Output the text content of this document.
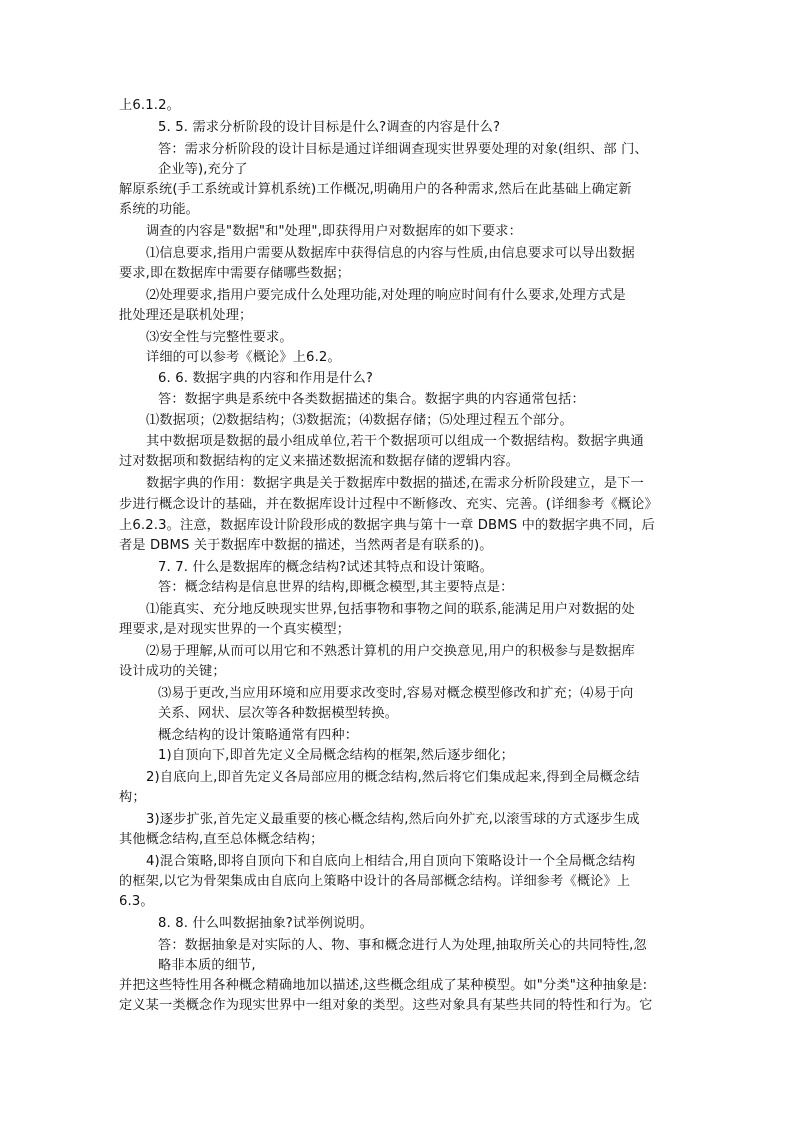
上6.1.2。
5. 5. 需求分析阶段的设计目标是什么?调查的内容是什么?
答：需求分析阶段的设计目标是通过详细调查现实世界要处理的对象(组织、部 门、
企业等),充分了
解原系统(手工系统或计算机系统)工作概况,明确用户的各种需求,然后在此基础上确定新
系统的功能。
调查的内容是"数据"和"处理",即获得用户对数据库的如下要求：
⑴信息要求,指用户需要从数据库中获得信息的内容与性质,由信息要求可以导出数据
要求,即在数据库中需要存储哪些数据；
⑵处理要求,指用户要完成什么处理功能,对处理的响应时间有什么要求,处理方式是
批处理还是联机处理；
⑶安全性与完整性要求。
详细的可以参考《概论》上6.2。
6. 6. 数据字典的内容和作用是什么?
答：数据字典是系统中各类数据描述的集合。数据字典的内容通常包括：
⑴数据项；⑵数据结构；⑶数据流；⑷数据存储；⑸处理过程五个部分。
其中数据项是数据的最小组成单位,若干个数据项可以组成一个数据结构。数据字典通
过对数据项和数据结构的定义来描述数据流和数据存储的逻辑内容。
数据字典的作用：数据字典是关于数据库中数据的描述,在需求分析阶段建立，是下一
步进行概念设计的基础，并在数据库设计过程中不断修改、充实、完善。(详细参考《概论》
上6.2.3。注意，数据库设计阶段形成的数据字典与第十一章 DBMS 中的数据字典不同，后
者是 DBMS 关于数据库中数据的描述，当然两者是有联系的)。
7. 7. 什么是数据库的概念结构?试述其特点和设计策略。
答：概念结构是信息世界的结构,即概念模型,其主要特点是：
⑴能真实、充分地反映现实世界,包括事物和事物之间的联系,能满足用户对数据的处
理要求,是对现实世界的一个真实模型；
⑵易于理解,从而可以用它和不熟悉计算机的用户交换意见,用户的积极参与是数据库
设计成功的关键；
⑶易于更改,当应用环境和应用要求改变时,容易对概念模型修改和扩充；⑷易于向
关系、网状、层次等各种数据模型转换。
概念结构的设计策略通常有四种：
1)自顶向下,即首先定义全局概念结构的框架,然后逐步细化；
2)自底向上,即首先定义各局部应用的概念结构,然后将它们集成起来,得到全局概念结
构；
3)逐步扩张,首先定义最重要的核心概念结构,然后向外扩充,以滚雪球的方式逐步生成
其他概念结构,直至总体概念结构；
4)混合策略,即将自顶向下和自底向上相结合,用自顶向下策略设计一个全局概念结构
的框架,以它为骨架集成由自底向上策略中设计的各局部概念结构。详细参考《概论》上
6.3。
8. 8. 什么叫数据抽象?试举例说明。
答：数据抽象是对实际的人、物、事和概念进行人为处理,抽取所关心的共同特性,忽
略非本质的细节,
并把这些特性用各种概念精确地加以描述,这些概念组成了某种模型。如"分类"这种抽象是:
定义某一类概念作为现实世界中一组对象的类型。这些对象具有某些共同的特性和行为。它
